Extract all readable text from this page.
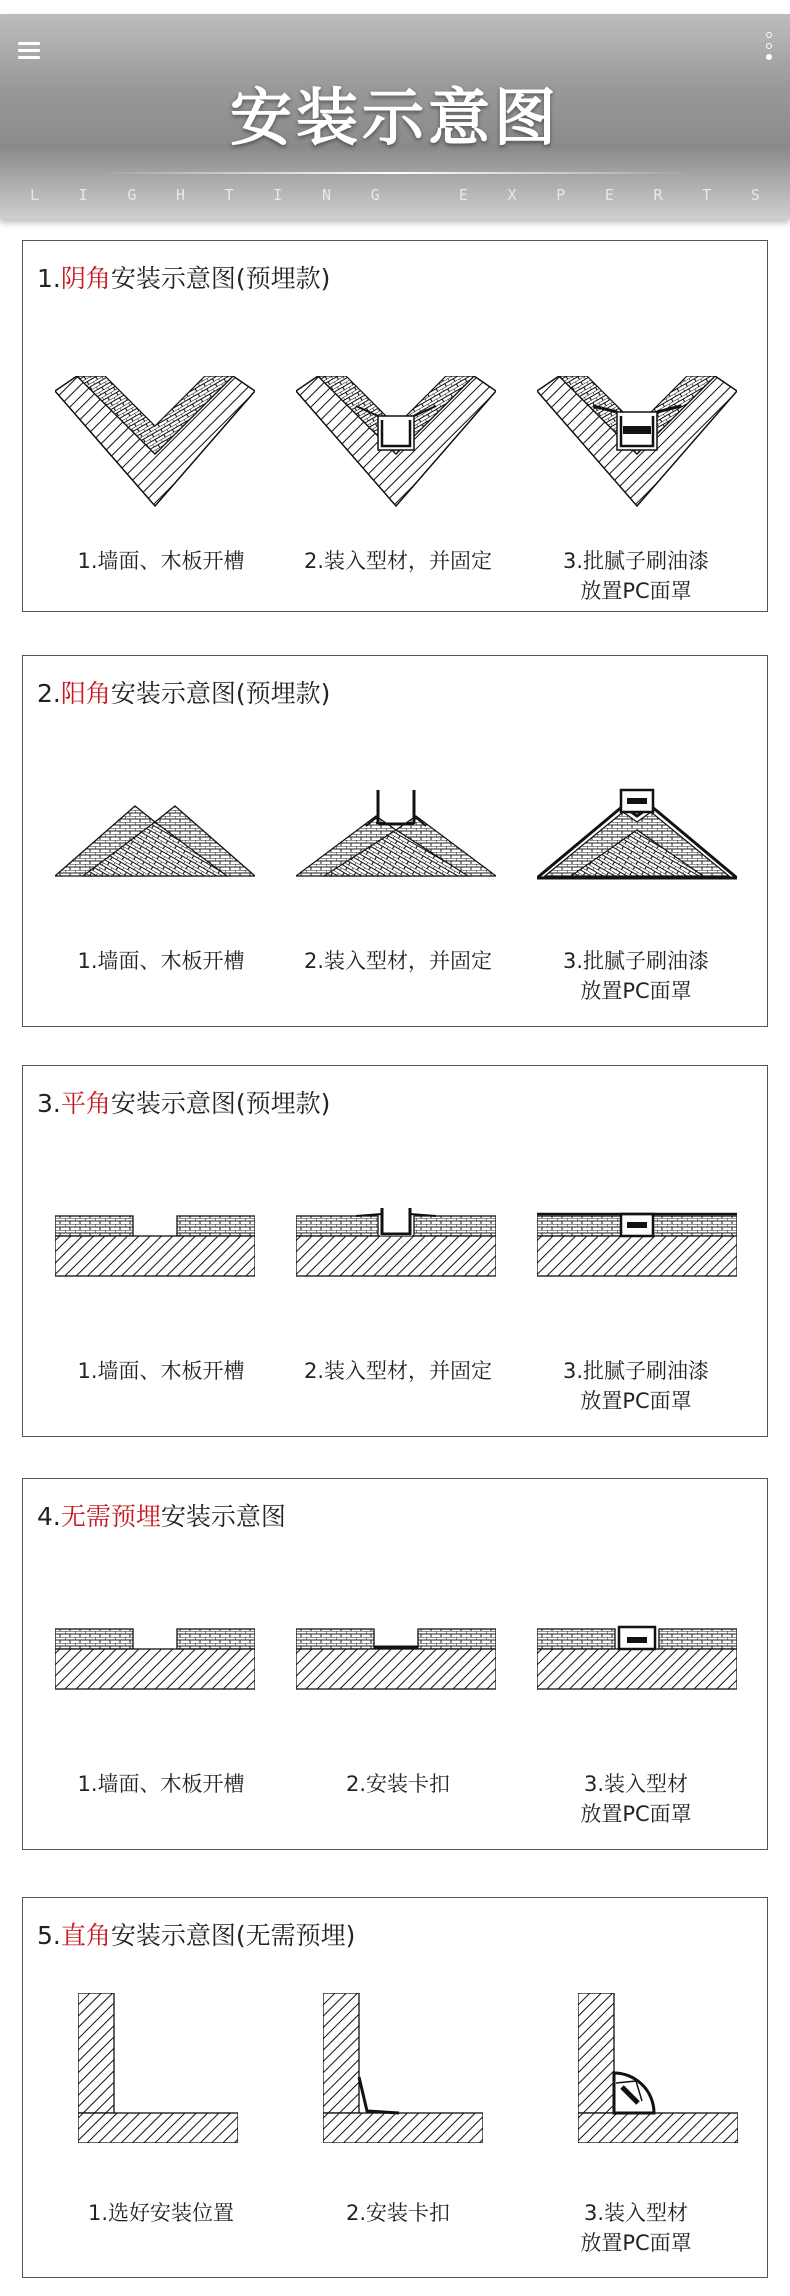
安装示意图
L	I	G	H	T	I	N	G	E	X	P	E	R	T	S
1.阴角安装示意图(预埋款)
1.墙面、木板开槽	2.装入型材，并固定	3.批腻子刷油漆
放置PC面罩
2.阳角安装示意图(预埋款)
1.墙面、木板开槽	2.装入型材，并固定	3.批腻子刷油漆
放置PC面罩
3.平角安装示意图(预埋款)
1.墙面、木板开槽	2.装入型材，并固定	3.批腻子刷油漆
放置PC面罩
4.无需预埋安装示意图
1.墙面、木板开槽	2.安装卡扣	3.装入型材
放置PC面罩
5.直角安装示意图(无需预埋)
1.选好安装位置	2.安装卡扣	3.装入型材
放置PC面罩
